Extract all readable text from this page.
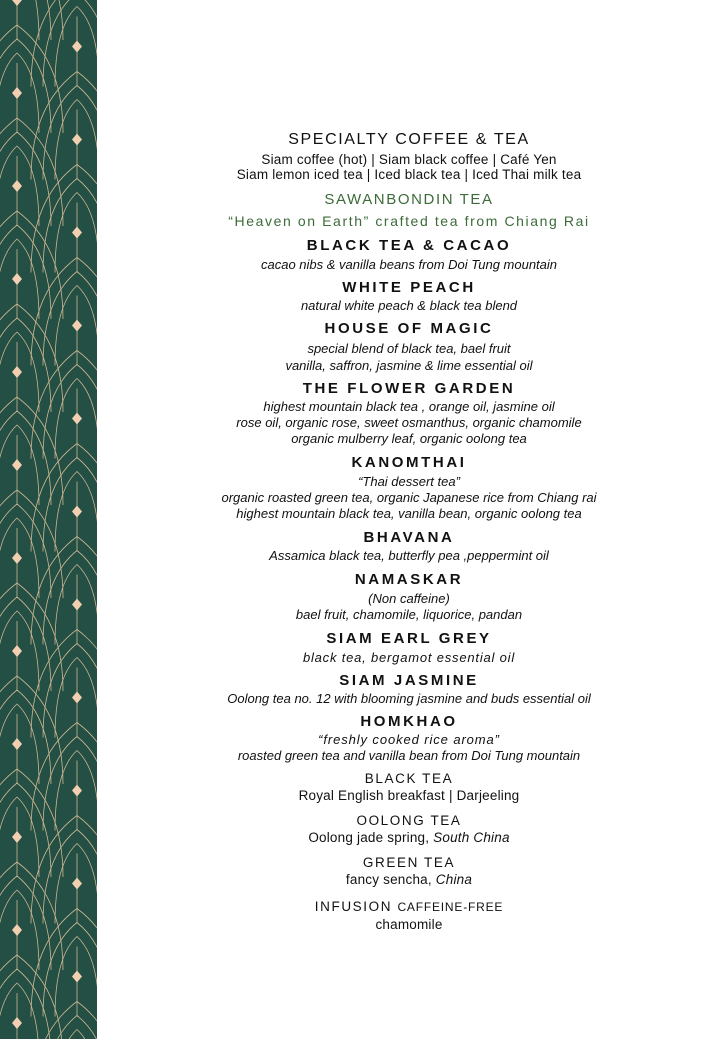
SPECIALTY COFFEE & TEA
Siam coffee (hot) | Siam black coffee | Café Yen
Siam lemon iced tea | Iced black tea | Iced Thai milk tea
SAWANBONDIN TEA
“Heaven on Earth” crafted tea from Chiang Rai
BLACK TEA & CACAO
cacao nibs & vanilla beans from Doi Tung mountain
WHITE PEACH
natural white peach & black tea blend
HOUSE OF MAGIC
special blend of black tea, bael fruit
vanilla, saffron, jasmine & lime essential oil
THE FLOWER GARDEN
highest mountain black tea , orange oil, jasmine oil
rose oil, organic rose, sweet osmanthus, organic chamomile
organic mulberry leaf, organic oolong tea
KANOMTHAI
“Thai dessert tea”
organic roasted green tea, organic Japanese rice from Chiang rai
highest mountain black tea, vanilla bean, organic oolong tea
BHAVANA
Assamica black tea, butterfly pea ,peppermint oil
NAMASKAR
(Non caffeine)
bael fruit, chamomile, liquorice, pandan
SIAM EARL GREY
black tea, bergamot essential oil
SIAM JASMINE
Oolong tea no. 12 with blooming jasmine and buds essential oil
HOMKHAO
“freshly cooked rice aroma”
roasted green tea and vanilla bean from Doi Tung mountain
BLACK TEA
Royal English breakfast | Darjeeling
OOLONG TEA
Oolong jade spring, South China
GREEN TEA
fancy sencha, China
INFUSION CAFFEINE-FREE
chamomile
